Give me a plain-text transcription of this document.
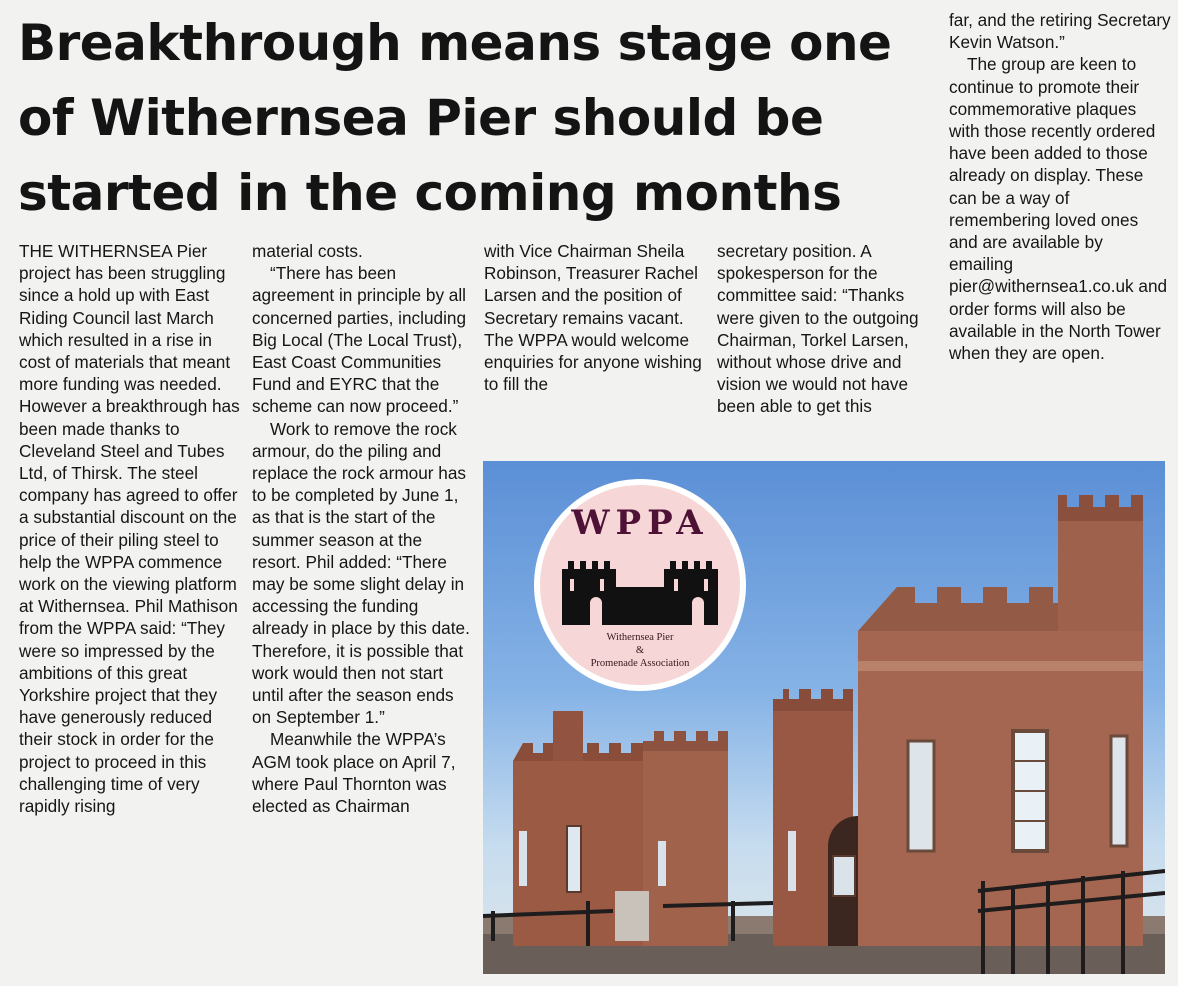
Breakthrough means stage one of Withernsea Pier should be started in the coming months

THE WITHERNSEA Pier project has been struggling since a hold up with East Riding Council last March which resulted in a rise in cost of materials that meant more funding was needed. However a breakthrough has been made thanks to Cleveland Steel and Tubes Ltd, of Thirsk. The steel company has agreed to offer a substantial discount on the price of their piling steel to help the WPPA commence work on the viewing platform at Withernsea. Phil Mathison from the WPPA said: “They were so impressed by the ambitions of this great Yorkshire project that they have generously reduced their stock in order for the project to proceed in this challenging time of very rapidly rising

material costs.

“There has been agreement in principle by all concerned parties, including Big Local (The Local Trust), East Coast Communities Fund and EYRC that the scheme can now proceed.”

Work to remove the rock armour, do the piling and replace the rock armour has to be completed by June 1, as that is the start of the summer season at the resort. Phil added: “There may be some slight delay in accessing the funding already in place by this date. Therefore, it is possible that work would then not start until after the season ends on September 1.”

Meanwhile the WPPA’s AGM took place on April 7, where Paul Thornton was elected as Chairman

with Vice Chairman Sheila Robinson, Treasurer Rachel Larsen and the position of Secretary remains vacant. The WPPA would welcome enquiries for anyone wishing to fill the

secretary position. A spokesperson for the committee said: “Thanks were given to the outgoing Chairman, Torkel Larsen, without whose drive and vision we would not have been able to get this

far, and the retiring Secretary Kevin Watson.”

The group are keen to continue to promote their commemorative plaques with those recently ordered have been added to those already on display. These can be a way of remembering loved ones and are available by emailing pier@withernsea1.co.uk and order forms will also be available in the North Tower when they are open.

WPPA
Withernsea Pier
&
Promenade Association
